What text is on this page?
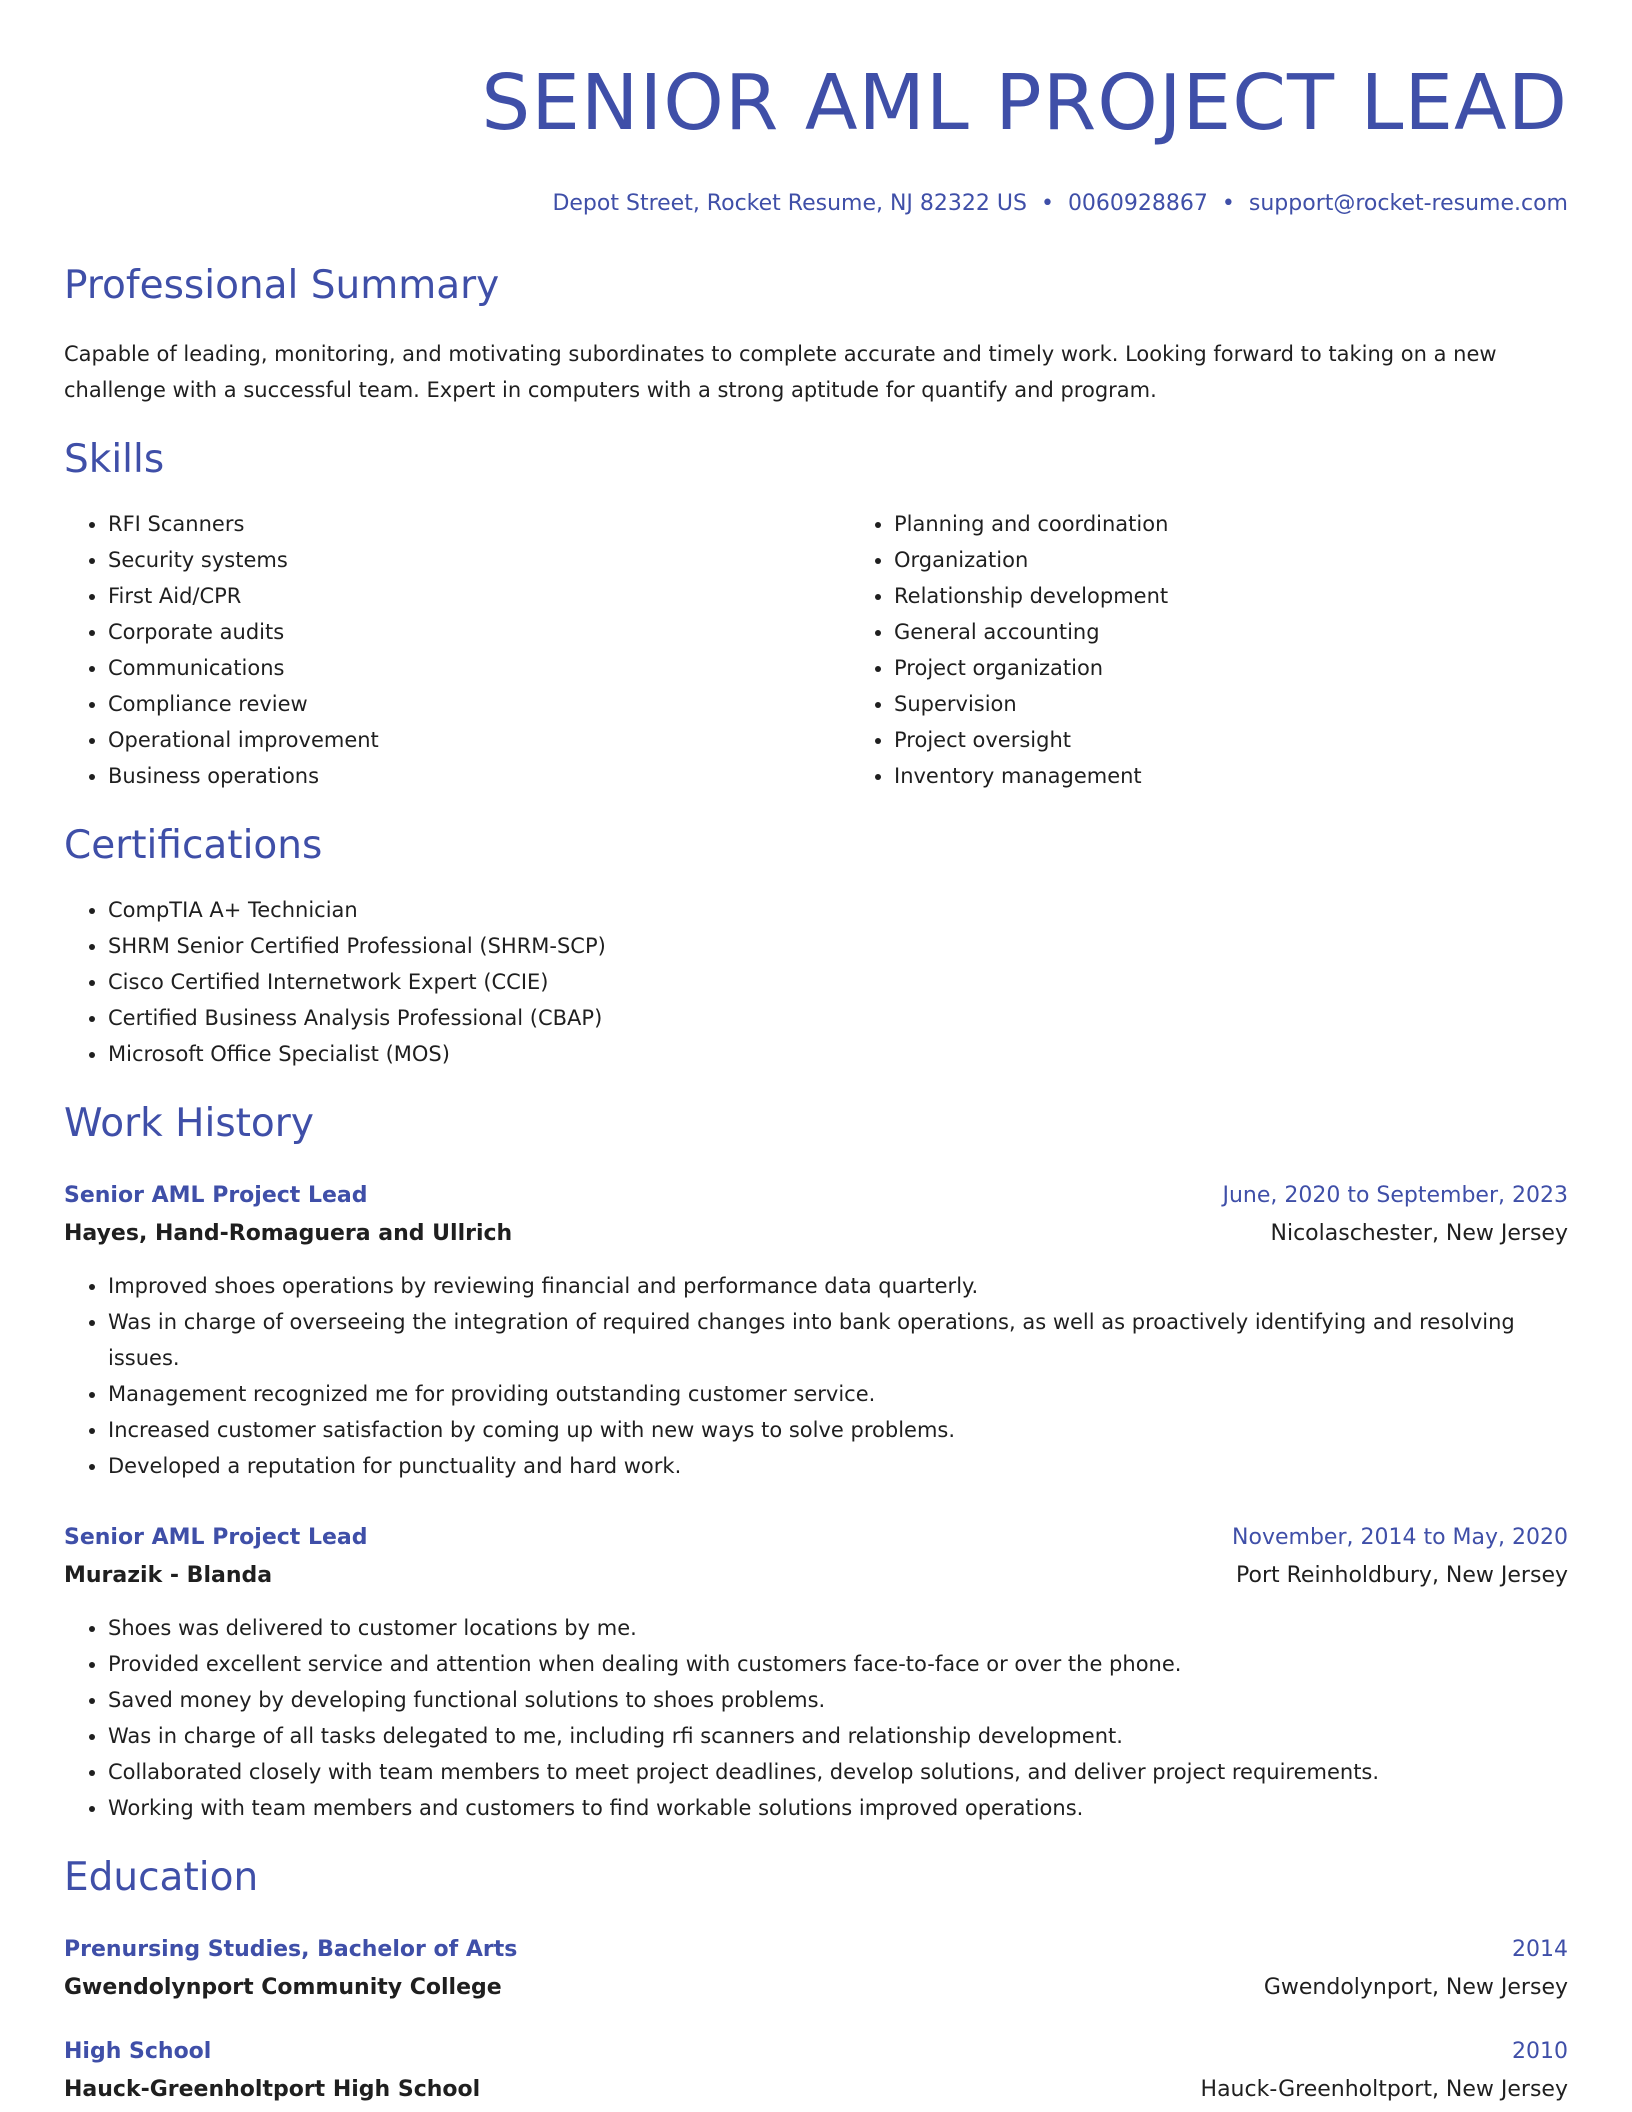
SENIOR AML PROJECT LEAD
Depot Street, Rocket Resume, NJ 82322 US • 0060928867 • support@rocket-resume.com
Professional Summary
Capable of leading, monitoring, and motivating subordinates to complete accurate and timely work. Looking forward to taking on a new challenge with a successful team. Expert in computers with a strong aptitude for quantify and program.
Skills
• RFI Scanners
• Security systems
• First Aid/CPR
• Corporate audits
• Communications
• Compliance review
• Operational improvement
• Business operations
• Planning and coordination
• Organization
• Relationship development
• General accounting
• Project organization
• Supervision
• Project oversight
• Inventory management
Certifications
• CompTIA A+ Technician
• SHRM Senior Certified Professional (SHRM-SCP)
• Cisco Certified Internetwork Expert (CCIE)
• Certified Business Analysis Professional (CBAP)
• Microsoft Office Specialist (MOS)
Work History
Senior AML Project Lead	June, 2020 to September, 2023
Hayes, Hand-Romaguera and Ullrich	Nicolaschester, New Jersey
• Improved shoes operations by reviewing financial and performance data quarterly.
• Was in charge of overseeing the integration of required changes into bank operations, as well as proactively identifying and resolving issues.
• Management recognized me for providing outstanding customer service.
• Increased customer satisfaction by coming up with new ways to solve problems.
• Developed a reputation for punctuality and hard work.
Senior AML Project Lead	November, 2014 to May, 2020
Murazik - Blanda	Port Reinholdbury, New Jersey
• Shoes was delivered to customer locations by me.
• Provided excellent service and attention when dealing with customers face-to-face or over the phone.
• Saved money by developing functional solutions to shoes problems.
• Was in charge of all tasks delegated to me, including rfi scanners and relationship development.
• Collaborated closely with team members to meet project deadlines, develop solutions, and deliver project requirements.
• Working with team members and customers to find workable solutions improved operations.
Education
Prenursing Studies, Bachelor of Arts	2014
Gwendolynport Community College	Gwendolynport, New Jersey
High School	2010
Hauck-Greenholtport High School	Hauck-Greenholtport, New Jersey
